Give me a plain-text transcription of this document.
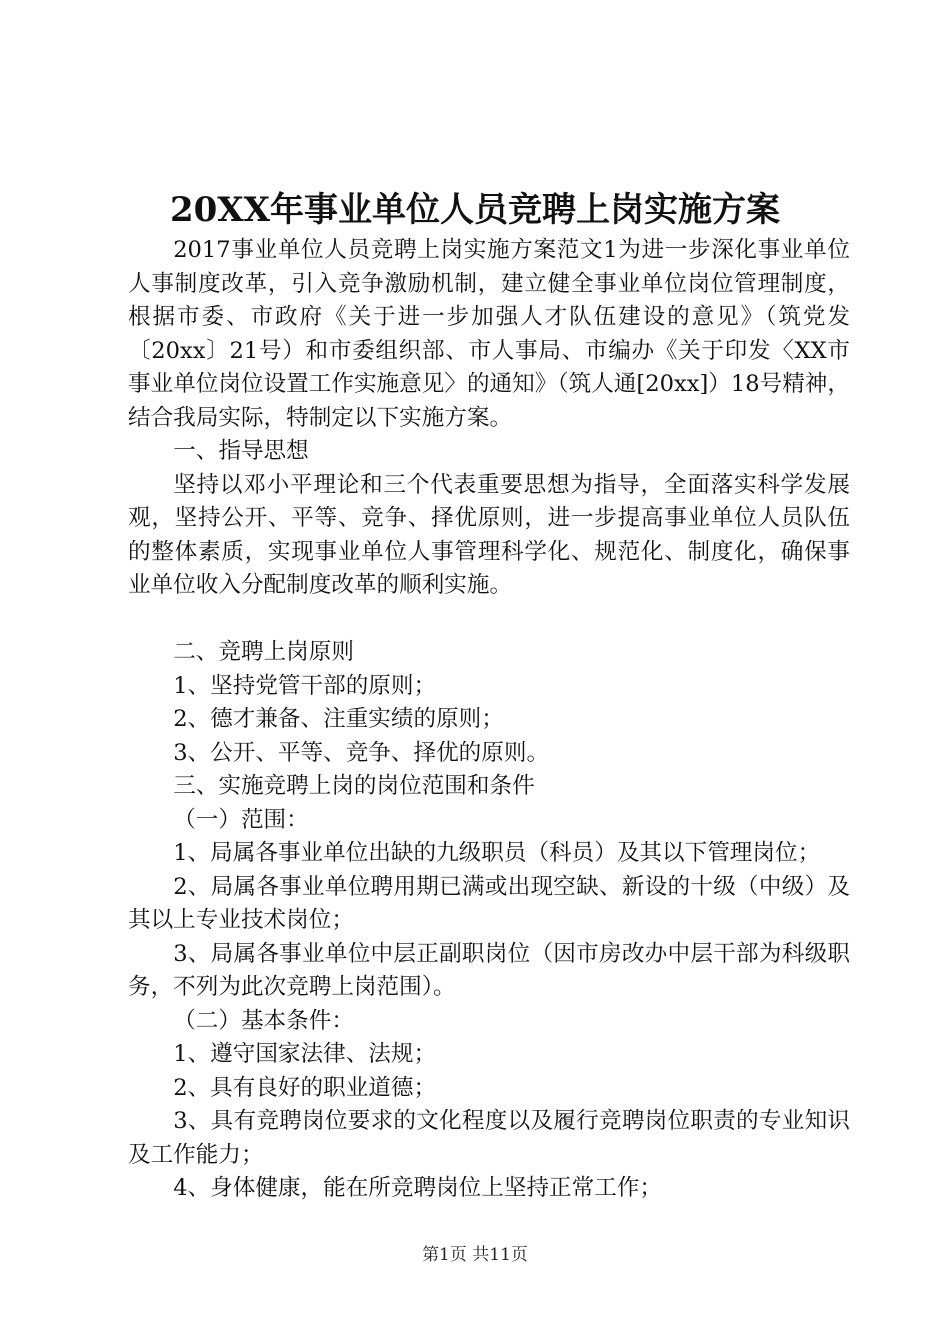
20XX年事业单位人员竞聘上岗实施方案

2017事业单位人员竞聘上岗实施方案范文1为进一步深化事业单位人事制度改革，引入竞争激励机制，建立健全事业单位岗位管理制度，根据市委、市政府《关于进一步加强人才队伍建设的意见》（筑党发〔20xx〕21号）和市委组织部、市人事局、市编办《关于印发〈XX市事业单位岗位设置工作实施意见〉的通知》（筑人通[20xx]）18号精神，结合我局实际，特制定以下实施方案。

一、指导思想

坚持以邓小平理论和三个代表重要思想为指导，全面落实科学发展观，坚持公开、平等、竞争、择优原则，进一步提高事业单位人员队伍的整体素质，实现事业单位人事管理科学化、规范化、制度化，确保事业单位收入分配制度改革的顺利实施。

二、竞聘上岗原则

1、坚持党管干部的原则；

2、德才兼备、注重实绩的原则；

3、公开、平等、竞争、择优的原则。

三、实施竞聘上岗的岗位范围和条件

（一）范围：

1、局属各事业单位出缺的九级职员（科员）及其以下管理岗位；

2、局属各事业单位聘用期已满或出现空缺、新设的十级（中级）及其以上专业技术岗位；

3、局属各事业单位中层正副职岗位（因市房改办中层干部为科级职务，不列为此次竞聘上岗范围）。

（二）基本条件：

1、遵守国家法律、法规；

2、具有良好的职业道德；

3、具有竞聘岗位要求的文化程度以及履行竞聘岗位职责的专业知识及工作能力；

4、身体健康，能在所竞聘岗位上坚持正常工作；

第1页 共11页
